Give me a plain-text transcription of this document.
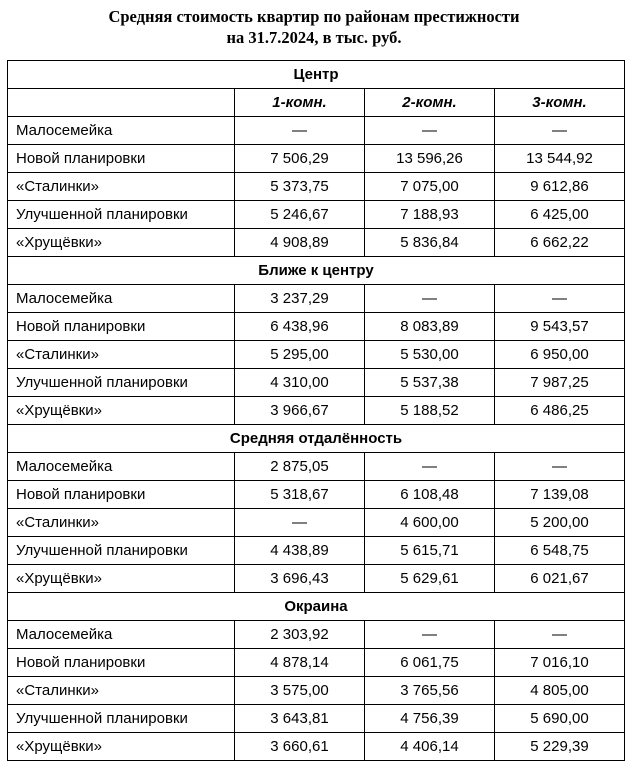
Средняя стоимость квартир по районам престижности
на 31.7.2024, в тыс. руб.
Центр			
	1-комн.	2-комн.	3-комн.
Малосемейка	—	—	—
Новой планировки	7 506,29	13 596,26	13 544,92
«Сталинки»	5 373,75	7 075,00	9 612,86
Улучшенной планировки	5 246,67	7 188,93	6 425,00
«Хрущёвки»	4 908,89	5 836,84	6 662,22
Ближе к центру			
Малосемейка	3 237,29	—	—
Новой планировки	6 438,96	8 083,89	9 543,57
«Сталинки»	5 295,00	5 530,00	6 950,00
Улучшенной планировки	4 310,00	5 537,38	7 987,25
«Хрущёвки»	3 966,67	5 188,52	6 486,25
Средняя отдалённость			
Малосемейка	2 875,05	—	—
Новой планировки	5 318,67	6 108,48	7 139,08
«Сталинки»	—	4 600,00	5 200,00
Улучшенной планировки	4 438,89	5 615,71	6 548,75
«Хрущёвки»	3 696,43	5 629,61	6 021,67
Окраина			
Малосемейка	2 303,92	—	—
Новой планировки	4 878,14	6 061,75	7 016,10
«Сталинки»	3 575,00	3 765,56	4 805,00
Улучшенной планировки	3 643,81	4 756,39	5 690,00
«Хрущёвки»	3 660,61	4 406,14	5 229,39
